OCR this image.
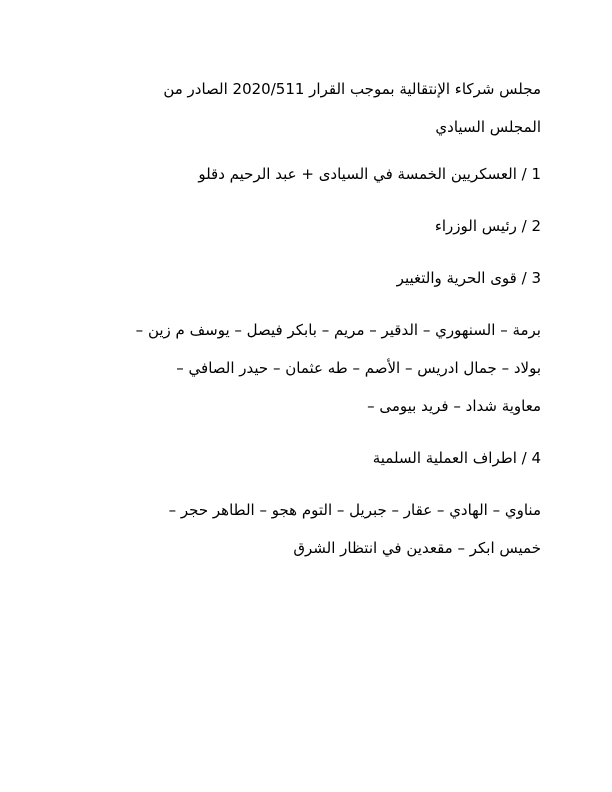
مجلس شركاء الإنتقالية بموجب القرار 2020/511 الصادر من
المجلس السيادي
1 / العسكريين الخمسة في السيادى + عبد الرحيم دقلو
2 / رئيس الوزراء
3 / قوى الحرية والتغيير
برمة – السنهوري – الدقير – مريم – بابكر فيصل – يوسف م زين –
بولاد – جمال ادريس – الأصم – طه عثمان – حيدر الصافي –
معاوية شداد – فريد بيومى –
4 / اطراف العملية السلمية
مناوي – الهادي – عقار – جبريل – التوم هجو – الطاهر حجر –
خميس ابكر – مقعدين في انتظار الشرق
